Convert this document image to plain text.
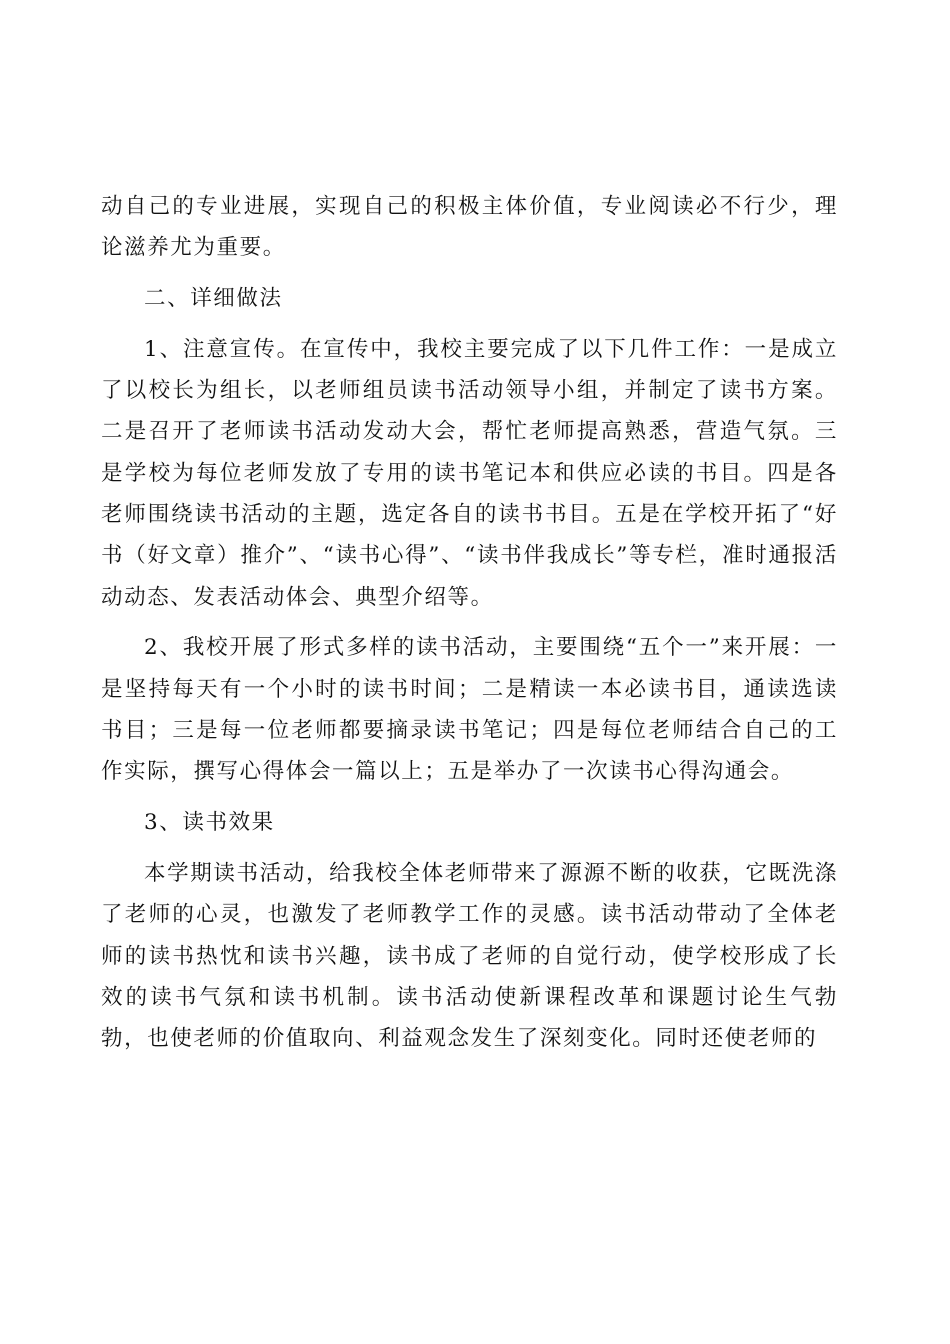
动自己的专业进展，实现自己的积极主体价值，专业阅读必不行少，理论滋养尤为重要。

二、详细做法

1、注意宣传。在宣传中，我校主要完成了以下几件工作：一是成立了以校长为组长，以老师组员读书活动领导小组，并制定了读书方案。二是召开了老师读书活动发动大会，帮忙老师提高熟悉，营造气氛。三是学校为每位老师发放了专用的读书笔记本和供应必读的书目。四是各老师围绕读书活动的主题，选定各自的读书书目。五是在学校开拓了“好书（好文章）推介”、“读书心得”、“读书伴我成长”等专栏，准时通报活动动态、发表活动体会、典型介绍等。

2、我校开展了形式多样的读书活动，主要围绕“五个一”来开展：一是坚持每天有一个小时的读书时间；二是精读一本必读书目，通读选读书目；三是每一位老师都要摘录读书笔记；四是每位老师结合自己的工作实际，撰写心得体会一篇以上；五是举办了一次读书心得沟通会。

3、读书效果

本学期读书活动，给我校全体老师带来了源源不断的收获，它既洗涤了老师的心灵，也激发了老师教学工作的灵感。读书活动带动了全体老师的读书热忱和读书兴趣，读书成了老师的自觉行动，使学校形成了长效的读书气氛和读书机制。读书活动使新课程改革和课题讨论生气勃勃，也使老师的价值取向、利益观念发生了深刻变化。同时还使老师的
